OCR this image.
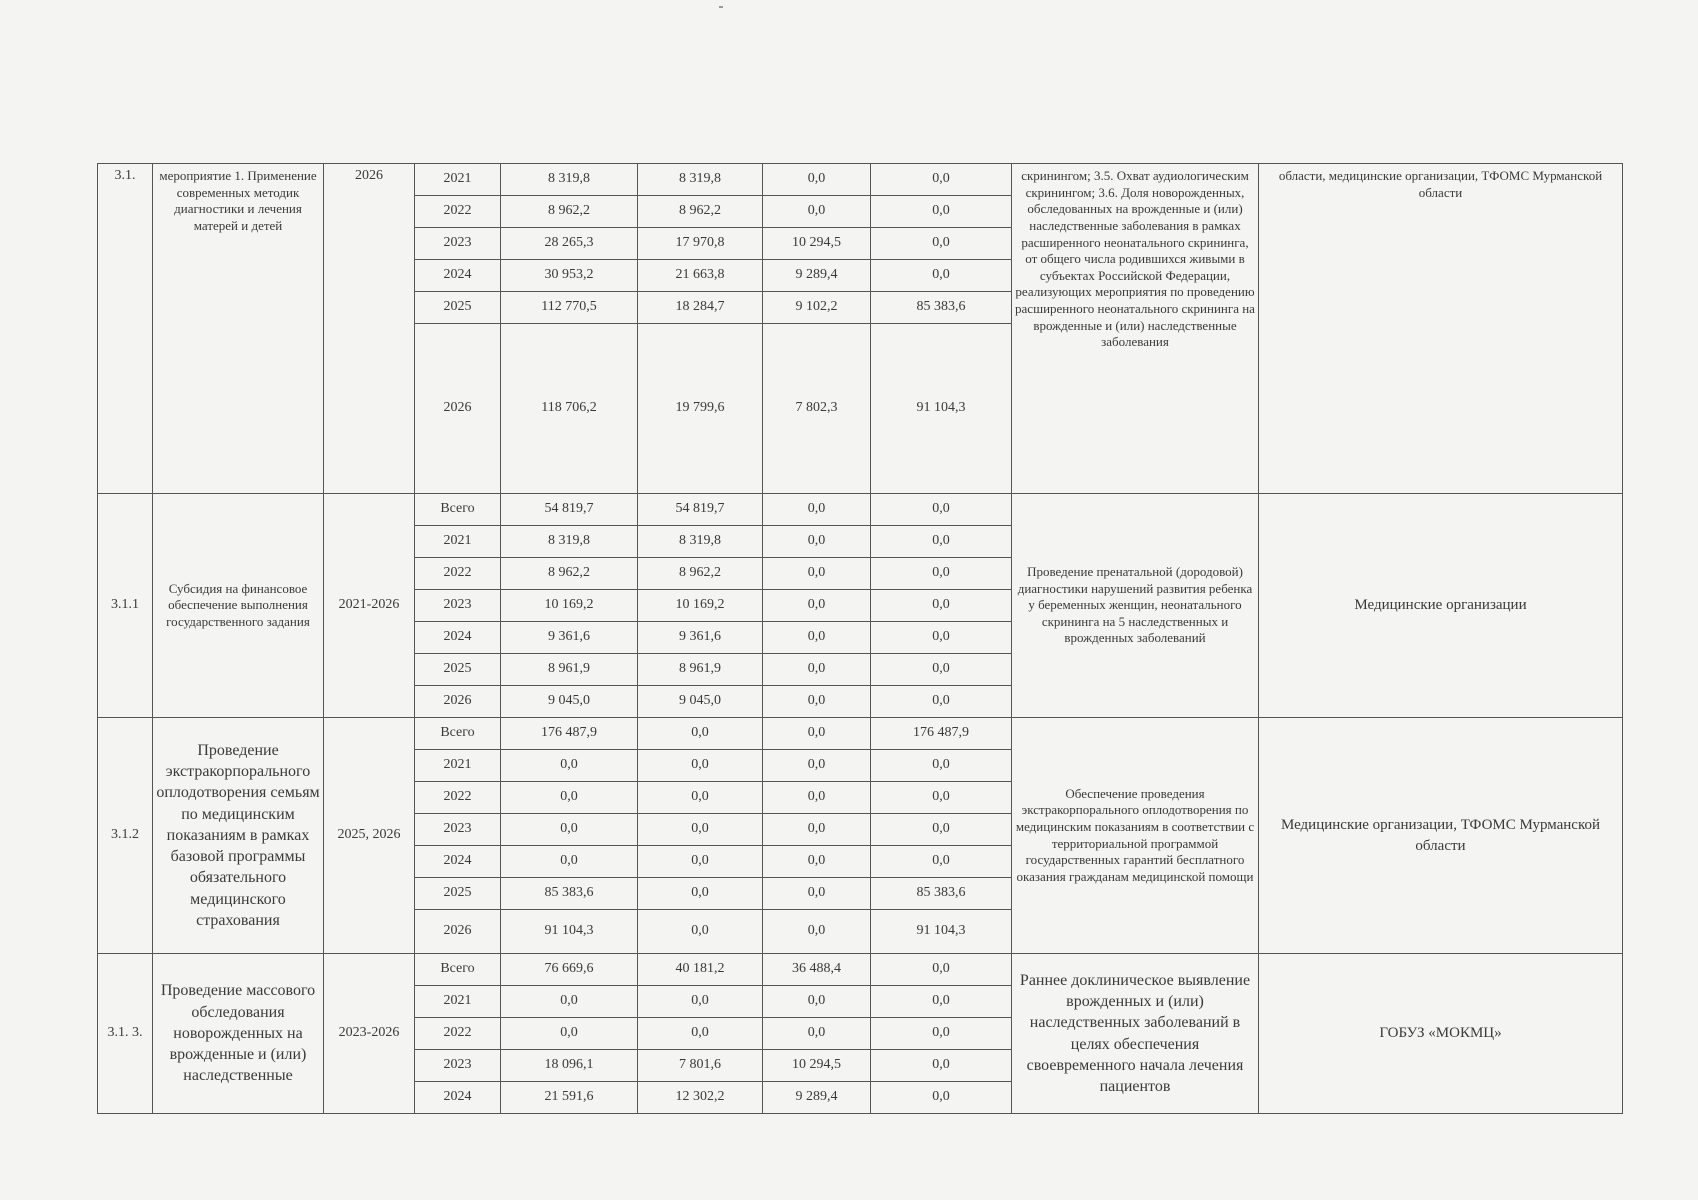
3.1.	мероприятие 1. Применение современных методик диагностики и лечения матерей и детей	2026	2021	8 319,8	8 319,8	0,0	0,0	скринингом; 3.5. Охват аудиологическим скринингом; 3.6. Доля новорожденных, обследованных на врожденные и (или) наследственные заболевания в рамках расширенного неонатального скрининга, от общего числа родившихся живыми в субъектах Российской Федерации, реализующих мероприятия по проведению расширенного неонатального скрининга на врожденные и (или) наследственные заболевания	области, медицинские организации, ТФОМС Мурманской области
			2022	8 962,2	8 962,2	0,0	0,0		
			2023	28 265,3	17 970,8	10 294,5	0,0		
			2024	30 953,2	21 663,8	9 289,4	0,0		
			2025	112 770,5	18 284,7	9 102,2	85 383,6		
			2026	118 706,2	19 799,6	7 802,3	91 104,3		
3.1.1	Субсидия на финансовое обеспечение выполнения государственного задания	2021-2026	Всего	54 819,7	54 819,7	0,0	0,0	Проведение пренатальной (дородовой) диагностики нарушений развития ребенка у беременных женщин, неонатального скрининга на 5 наследственных и врожденных заболеваний	Медицинские организации
			2021	8 319,8	8 319,8	0,0	0,0		
			2022	8 962,2	8 962,2	0,0	0,0		
			2023	10 169,2	10 169,2	0,0	0,0		
			2024	9 361,6	9 361,6	0,0	0,0		
			2025	8 961,9	8 961,9	0,0	0,0		
			2026	9 045,0	9 045,0	0,0	0,0		
3.1.2	Проведение экстракорпорального оплодотворения семьям по медицинским показаниям в рамках базовой программы обязательного медицинского страхования	2025, 2026	Всего	176 487,9	0,0	0,0	176 487,9	Обеспечение проведения экстракорпорального оплодотворения по медицинским показаниям в соответствии с территориальной программой государственных гарантий бесплатного оказания гражданам медицинской помощи	Медицинские организации, ТФОМС Мурманской области
			2021	0,0	0,0	0,0	0,0		
			2022	0,0	0,0	0,0	0,0		
			2023	0,0	0,0	0,0	0,0		
			2024	0,0	0,0	0,0	0,0		
			2025	85 383,6	0,0	0,0	85 383,6		
			2026	91 104,3	0,0	0,0	91 104,3		
3.1. 3.	Проведение массового обследования новорожденных на врожденные и (или) наследственные	2023-2026	Всего	76 669,6	40 181,2	36 488,4	0,0	Раннее доклиническое выявление врожденных и (или) наследственных заболеваний в целях обеспечения своевременного начала лечения пациентов	ГОБУЗ «МОКМЦ»
			2021	0,0	0,0	0,0	0,0		
			2022	0,0	0,0	0,0	0,0		
			2023	18 096,1	7 801,6	10 294,5	0,0		
			2024	21 591,6	12 302,2	9 289,4	0,0		
